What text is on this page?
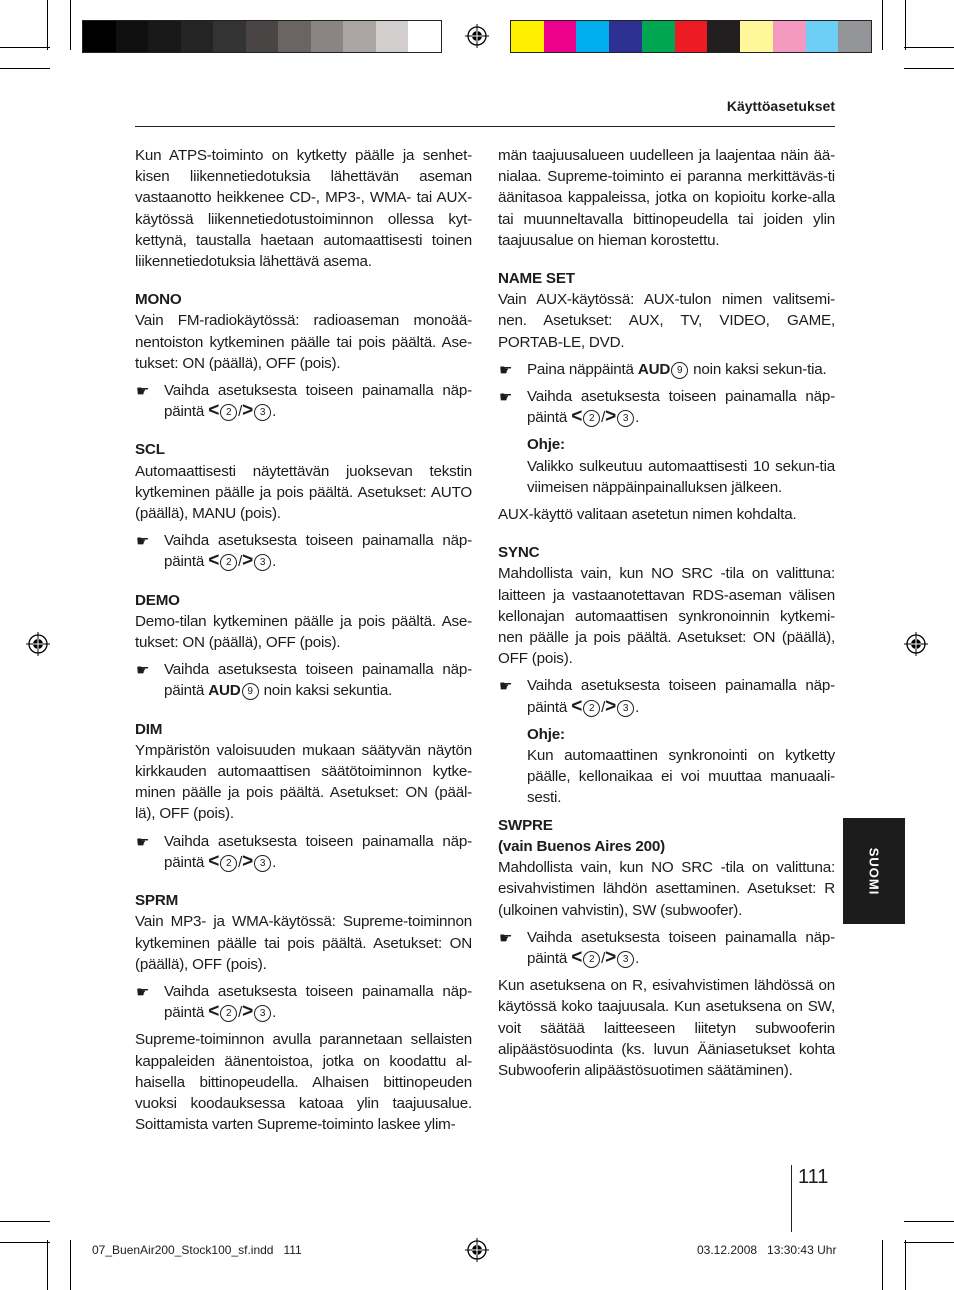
Käyttöasetukset

Kun ATPS-toiminto on kytketty päälle ja senhet-kisen liikennetiedotuksia lähettävän aseman vastaanotto heikkenee CD-, MP3-, WMA- tai AUX-käytössä liikennetiedotustoiminnon ollessa kyt-kettynä, taustalla haetaan automaattisesti toinen liikennetiedotuksia lähettävä asema.

MONO

Vain FM-radiokäytössä: radioaseman monoää-nentoiston kytkeminen päälle tai pois päältä. Ase-tukset: ON (päällä), OFF (pois).

☛ Vaihda asetuksesta toiseen painamalla näp-päintä < 2 /> 3 .
SCL

Automaattisesti näytettävän juoksevan tekstin kytkeminen päälle ja pois päältä. Asetukset: AUTO (päällä), MANU (pois).

☛ Vaihda asetuksesta toiseen painamalla näp-päintä < 2 /> 3 .
DEMO

Demo-tilan kytkeminen päälle ja pois päältä. Ase-tukset: ON (päällä), OFF (pois).

☛ Vaihda asetuksesta toiseen painamalla näp-päintä AUD 9 noin kaksi sekuntia.
DIM

Ympäristön valoisuuden mukaan säätyvän näytön kirkkauden automaattisen säätötoiminnon kytke-minen päälle ja pois päältä. Asetukset: ON (pääl-lä), OFF (pois).

☛ Vaihda asetuksesta toiseen painamalla näp-päintä < 2 /> 3 .
SPRM

Vain MP3- ja WMA-käytössä: Supreme-toiminnon kytkeminen päälle tai pois päältä. Asetukset: ON (päällä), OFF (pois).

☛ Vaihda asetuksesta toiseen painamalla näp-päintä < 2 /> 3 .

Supreme-toiminnon avulla parannetaan sellaisten kappaleiden äänentoistoa, jotka on koodattu al-haisella bittinopeudella. Alhaisen bittinopeuden vuoksi koodauksessa katoaa ylin taajuusalue. Soittamista varten Supreme-toiminto laskee ylim-

män taajuusalueen uudelleen ja laajentaa näin ää-nialaa. Supreme-toiminto ei paranna merkittäväs-ti äänitasoa kappaleissa, jotka on kopioitu korke-alla tai muunneltavalla bittinopeudella tai joiden ylin taajuusalue on hieman korostettu.

NAME SET

Vain AUX-käytössä: AUX-tulon nimen valitsemi-nen. Asetukset: AUX, TV, VIDEO, GAME, PORTAB-LE, DVD.

☛ Paina näppäintä AUD 9 noin kaksi sekun-tia.
☛ Vaihda asetuksesta toiseen painamalla näp-päintä < 2 /> 3 .
Ohje:

Valikko sulkeutuu automaattisesti 10 sekun-tia viimeisen näppäinpainalluksen jälkeen.

AUX-käyttö valitaan asetetun nimen kohdalta.

SYNC

Mahdollista vain, kun NO SRC -tila on valittuna: laitteen ja vastaanotettavan RDS-aseman välisen kellonajan automaattisen synkronoinnin kytkemi-nen päälle ja pois päältä. Asetukset: ON (päällä), OFF (pois).

☛ Vaihda asetuksesta toiseen painamalla näp-päintä < 2 /> 3 .
Ohje:

Kun automaattinen synkronointi on kytketty päälle, kellonaikaa ei voi muuttaa manuaali-sesti.

SWPRE
(vain Buenos Aires 200)

Mahdollista vain, kun NO SRC -tila on valittuna: esivahvistimen lähdön asettaminen. Asetukset: R (ulkoinen vahvistin), SW (subwoofer).

☛ Vaihda asetuksesta toiseen painamalla näp-päintä < 2 /> 3 .

Kun asetuksena on R, esivahvistimen lähdössä on käytössä koko taajuusala. Kun asetuksena on SW, voit säätää laitteeseen liitetyn subwooferin alipäästösuodinta (ks. luvun Ääniasetukset kohta Subwooferin alipäästösuotimen säätäminen).

SUOMI
111
07_BuenAir200_Stock100_sf.indd   111	03.12.2008   13:30:43 Uhr
